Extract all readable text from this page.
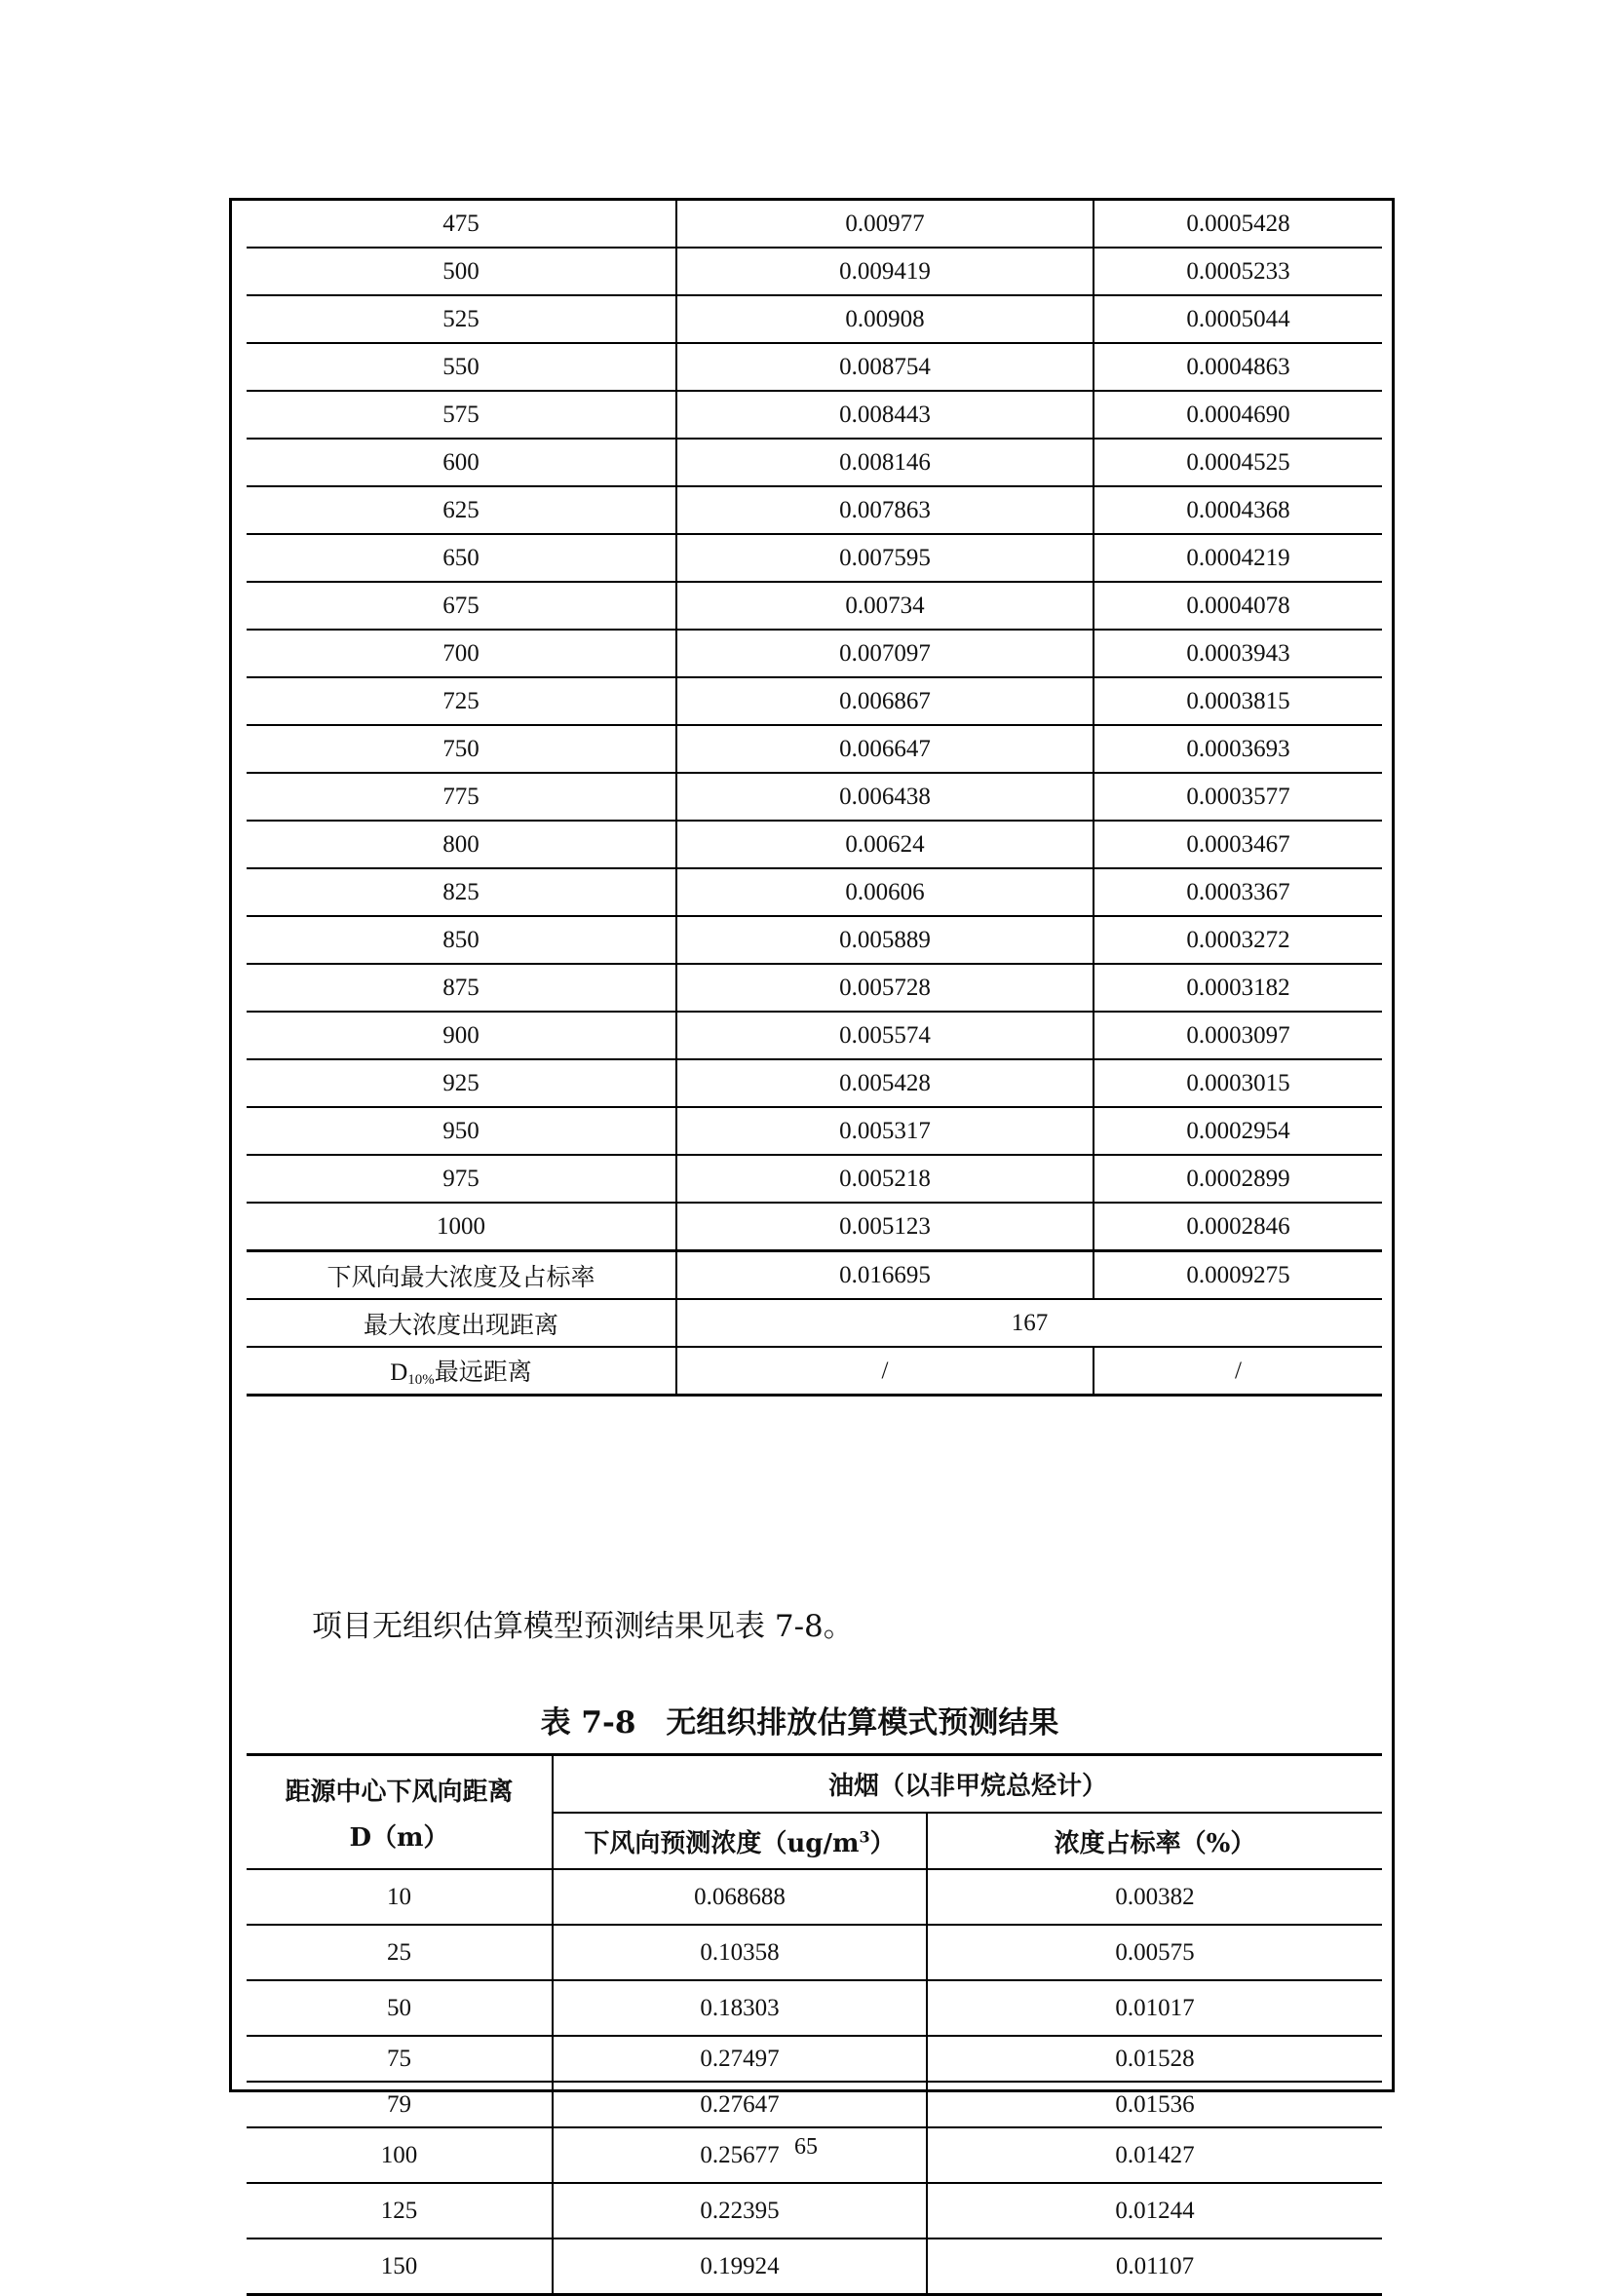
475	0.00977	0.0005428
500	0.009419	0.0005233
525	0.00908	0.0005044
550	0.008754	0.0004863
575	0.008443	0.0004690
600	0.008146	0.0004525
625	0.007863	0.0004368
650	0.007595	0.0004219
675	0.00734	0.0004078
700	0.007097	0.0003943
725	0.006867	0.0003815
750	0.006647	0.0003693
775	0.006438	0.0003577
800	0.00624	0.0003467
825	0.00606	0.0003367
850	0.005889	0.0003272
875	0.005728	0.0003182
900	0.005574	0.0003097
925	0.005428	0.0003015
950	0.005317	0.0002954
975	0.005218	0.0002899
1000	0.005123	0.0002846
下风向最大浓度及占标率	0.016695	0.0009275
最大浓度出现距离	167	
$D_{10\%}$最远距离	/	/
项目无组织估算模型预测结果见表 7-8。
表 7-8　无组织排放估算模式预测结果
距源中心下风向距离
D（m）	油烟（以非甲烷总烃计）	
	下风向预测浓度$(ug/m^3)$	浓度占标率（%）
10	0.068688	0.00382
25	0.10358	0.00575
50	0.18303	0.01017
75	0.27497	0.01528
79	0.27647	0.01536
100	0.25677	0.01427
125	0.22395	0.01244
150	0.19924	0.01107
65
